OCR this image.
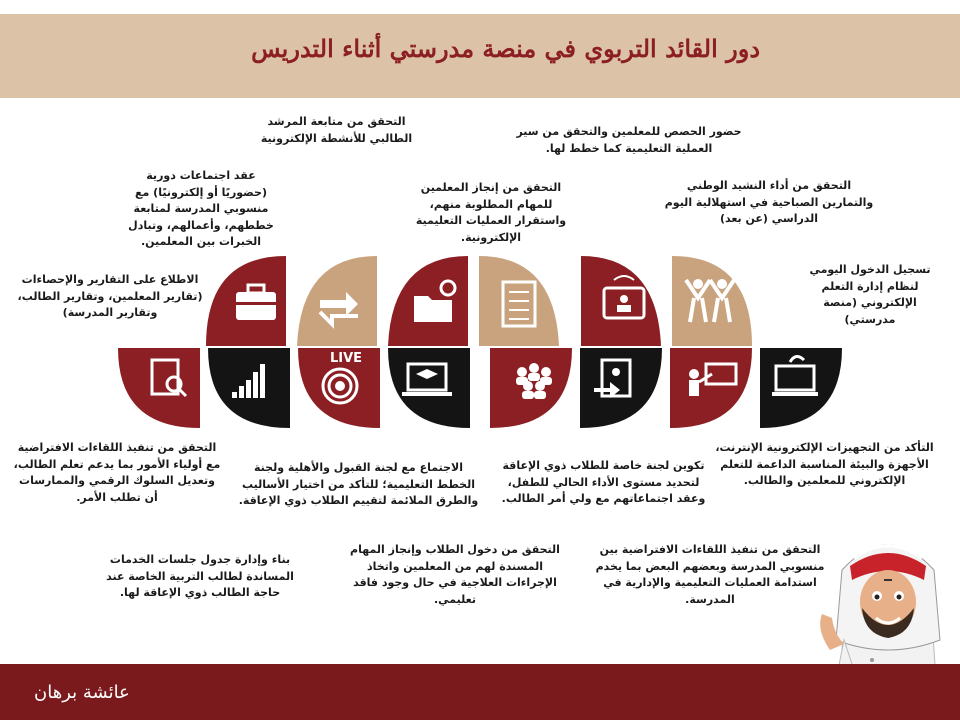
دور القائد التربوي في منصة مدرستي أثناء التدريس
LIVE
عقد اجتماعات دورية (حضوريًا أو إلكترونيًا) مع منسوبي المدرسة لمتابعة خططهم، وأعمالهم، وتبادل الخبرات بين المعلمين.
التحقق من متابعة المرشد الطالبي للأنشطة الإلكترونية
التحقق من إنجاز المعلمين للمهام المطلوبة منهم، واستقرار العمليات التعليمية الإلكترونية.
حضور الحصص للمعلمين والتحقق من سير العملية التعليمية كما خطط لها.
التحقق من أداء النشيد الوطني والتمارين الصباحية في استهلالية اليوم الدراسي (عن بعد)
تسجيل الدخول اليومي لنظام إدارة التعلم الإلكتروني (منصة مدرستي)
الاطلاع على التقارير والإحصاءات (تقارير المعلمين، وتقارير الطالب، وتقارير المدرسة)
التحقق من تنفيذ اللقاءات الافتراضية مع أولياء الأمور بما يدعم تعلم الطالب، وتعديل السلوك الرقمي والممارسات أن تطلب الأمر.
الاجتماع مع لجنة القبول والأهلية ولجنة الخطط التعليمية؛ للتأكد من اختيار الأساليب والطرق الملائمة لتقييم الطلاب ذوي الإعاقة.
تكوين لجنة خاصة للطلاب ذوي الإعاقة لتحديد مستوى الأداء الحالي للطفل، وعقد اجتماعاتهم مع ولي أمر الطالب.
التأكد من التجهيزات الإلكترونية الإنترنت، الأجهزة والبيئة المناسبة الداعمة للتعلم الإلكتروني للمعلمين والطالب.
بناء وإدارة جدول جلسات الخدمات المساندة لطالب التربية الخاصة عند حاجة الطالب ذوي الإعاقة لها.
التحقق من دخول الطلاب وإنجاز المهام المسندة لهم من المعلمين واتخاذ الإجراءات العلاجية في حال وجود فاقد تعليمي.
التحقق من تنفيذ اللقاءات الافتراضية بين منسوبي المدرسة وبعضهم البعض بما يخدم استدامة العمليات التعليمية والإدارية في المدرسة.
عائشة برهان
